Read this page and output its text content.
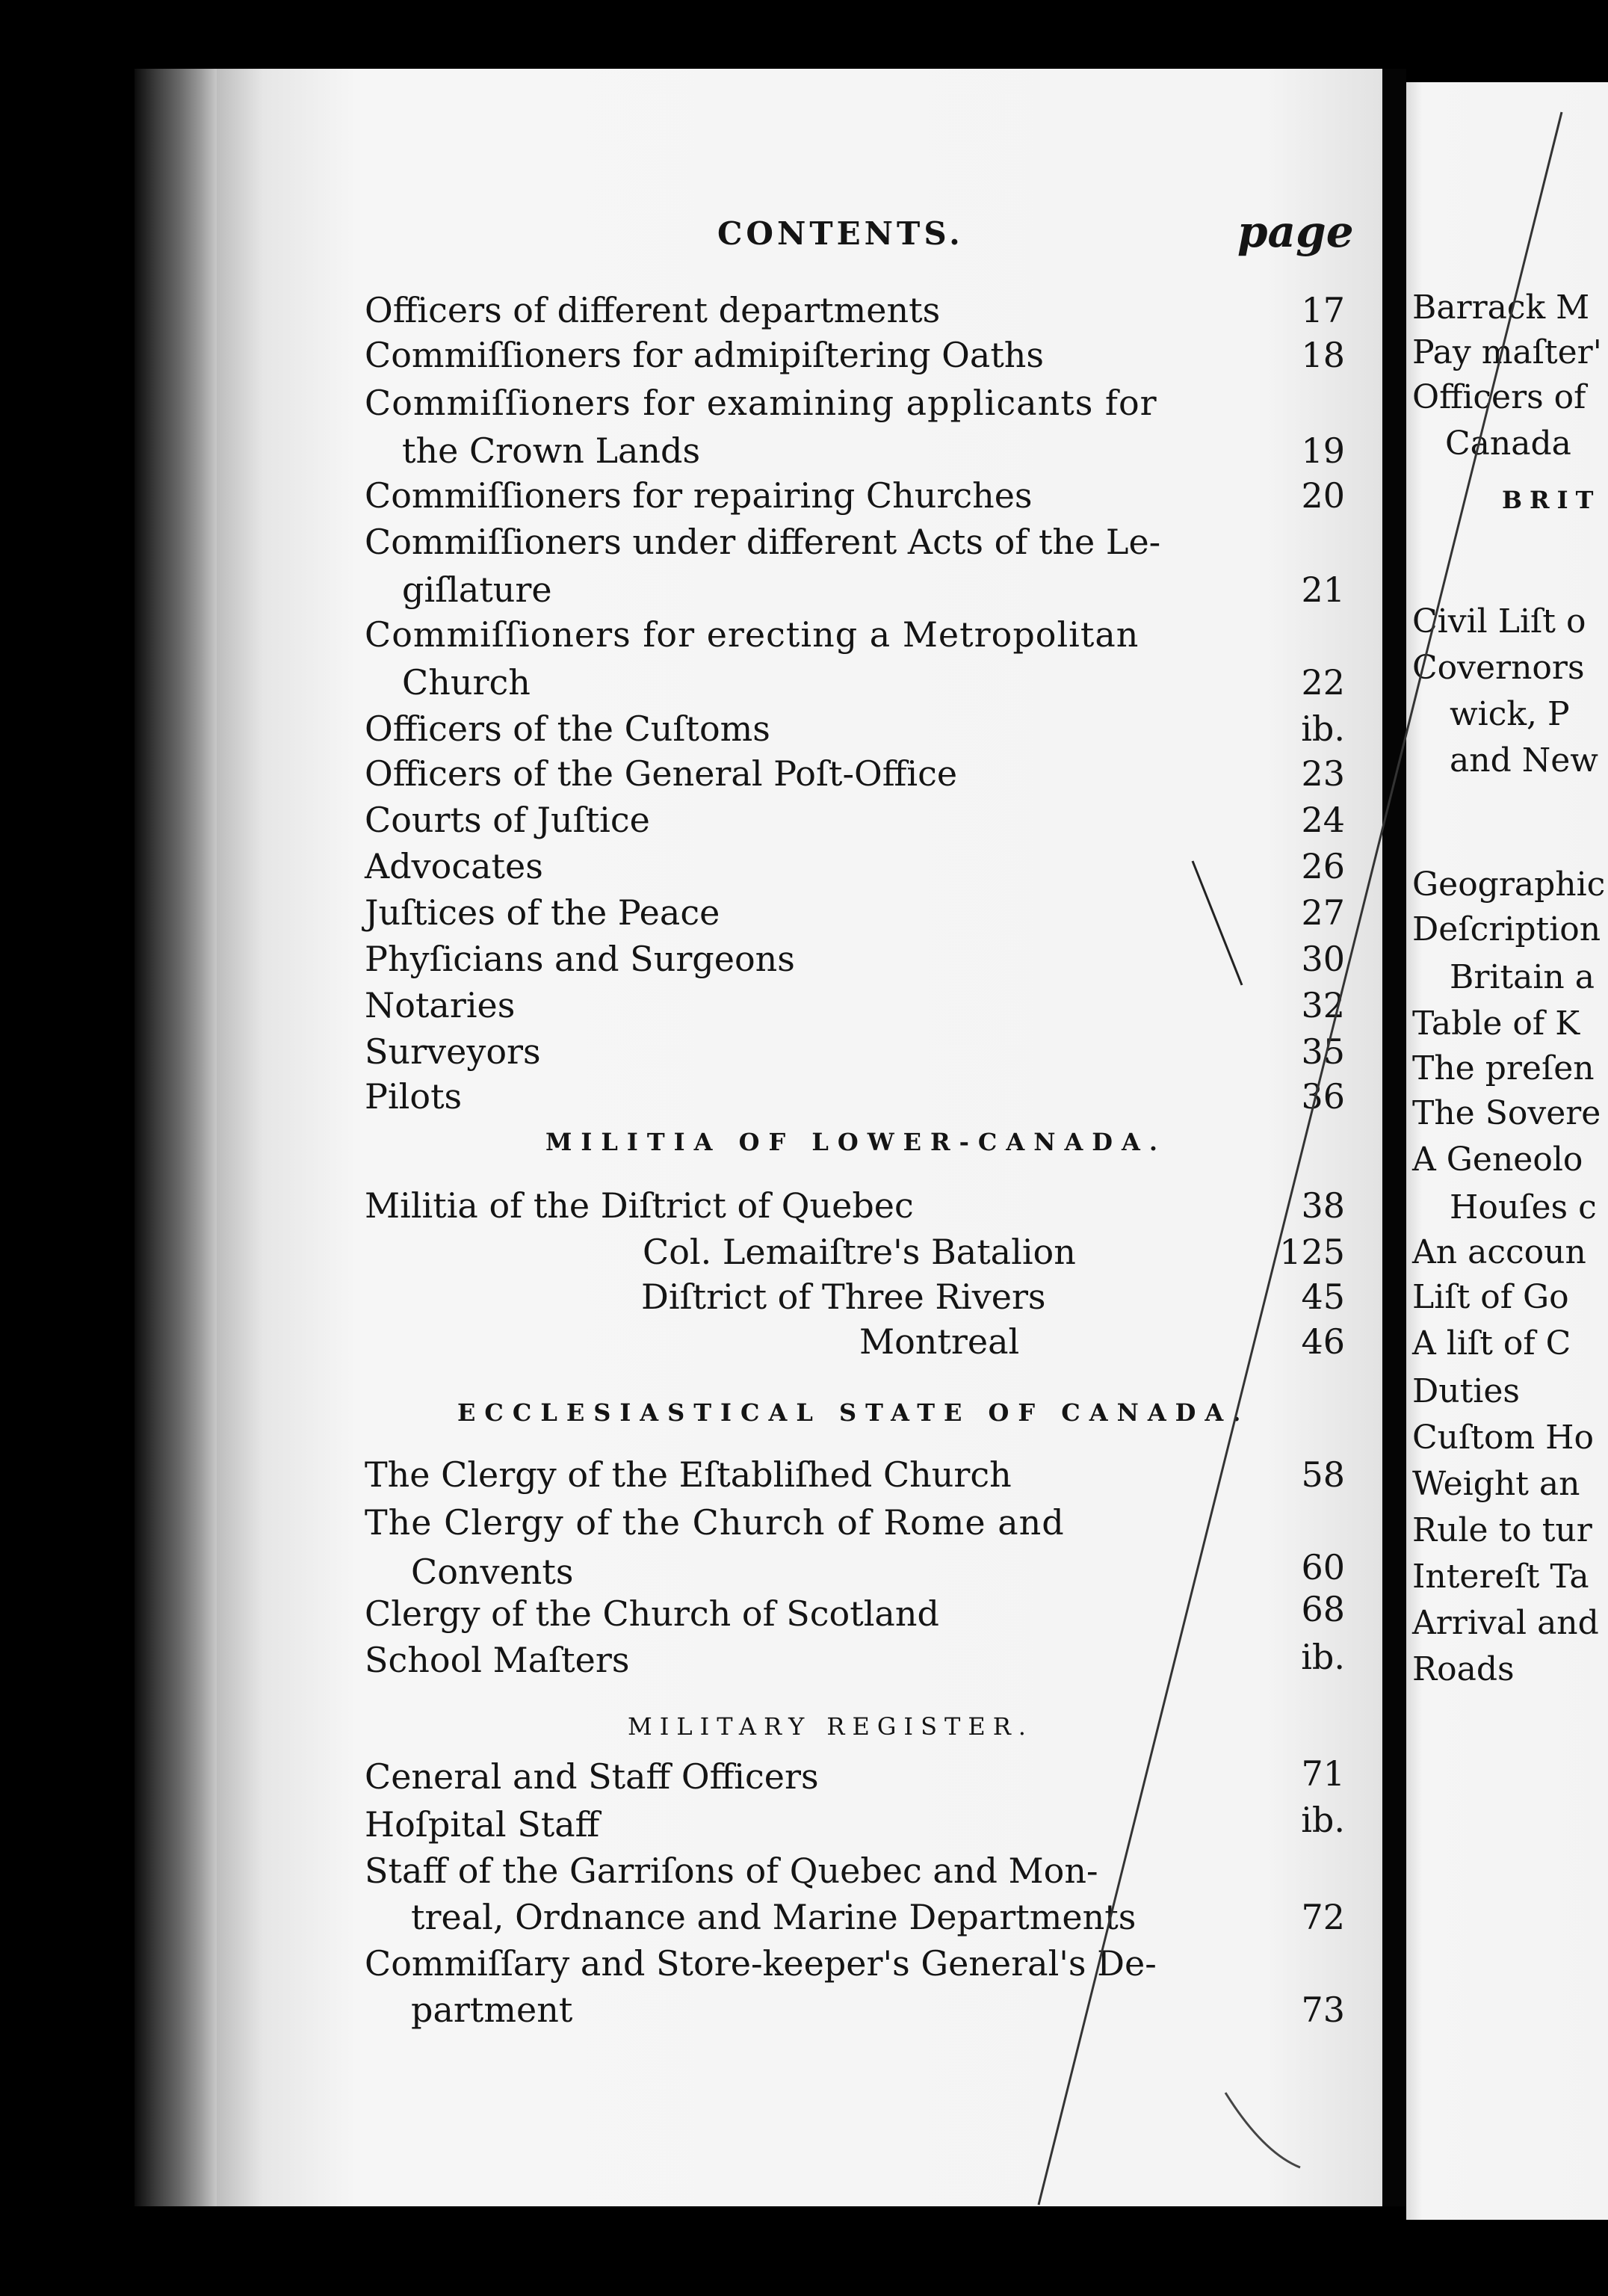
CONTENTS.	page
Officers of different departments	17
Commiſſioners for admipiſtering Oaths	18
Commiſſioners for examining applicants for
the Crown Lands	19
Commiſſioners for repairing Churches	20
Commiſſioners under different Acts of the Le-
giſlature	21
Commiſſioners for erecting a Metropolitan
Church	22
Officers of the Cuſtoms	ib.
Officers of the General Poſt-Office	23
Courts of Juſtice	24
Advocates	26
Juſtices of the Peace	27
Phyſicians and Surgeons	30
Notaries	32
Surveyors	35
Pilots	36
MILITIA OF LOWER-CANADA.
Militia of the Diſtrict of Quebec	38
Col. Lemaiſtre's Batalion	125
Diſtrict of Three Rivers	45
Montreal	46
ECCLESIASTICAL STATE OF CANADA.
The Clergy of the Eſtabliſhed Church	58
The Clergy of the Church of Rome and
Convents	60
Clergy of the Church of Scotland	68
School Maſters	ib.
MILITARY REGISTER.
Ceneral and Staff Officers	71
Hoſpital Staff	ib.
Staff of the Garriſons of Quebec and Mon-
treal, Ordnance and Marine Departments	72
Commiſſary and Store-keeper's General's De-
partment	73
Barrack M
Pay maſter'
Officers of
Canada
BRIT
Civil Liſt o
Covernors
wick, P
and New
Geographic
Deſcription
Britain a
Table of K
The preſen
The Sovere
A Geneolo
Houſes c
An accoun
Liſt of Go
A liſt of C
Duties
Cuſtom Ho
Weight an
Rule to tur
Intereſt Ta
Arrival and
Roads
